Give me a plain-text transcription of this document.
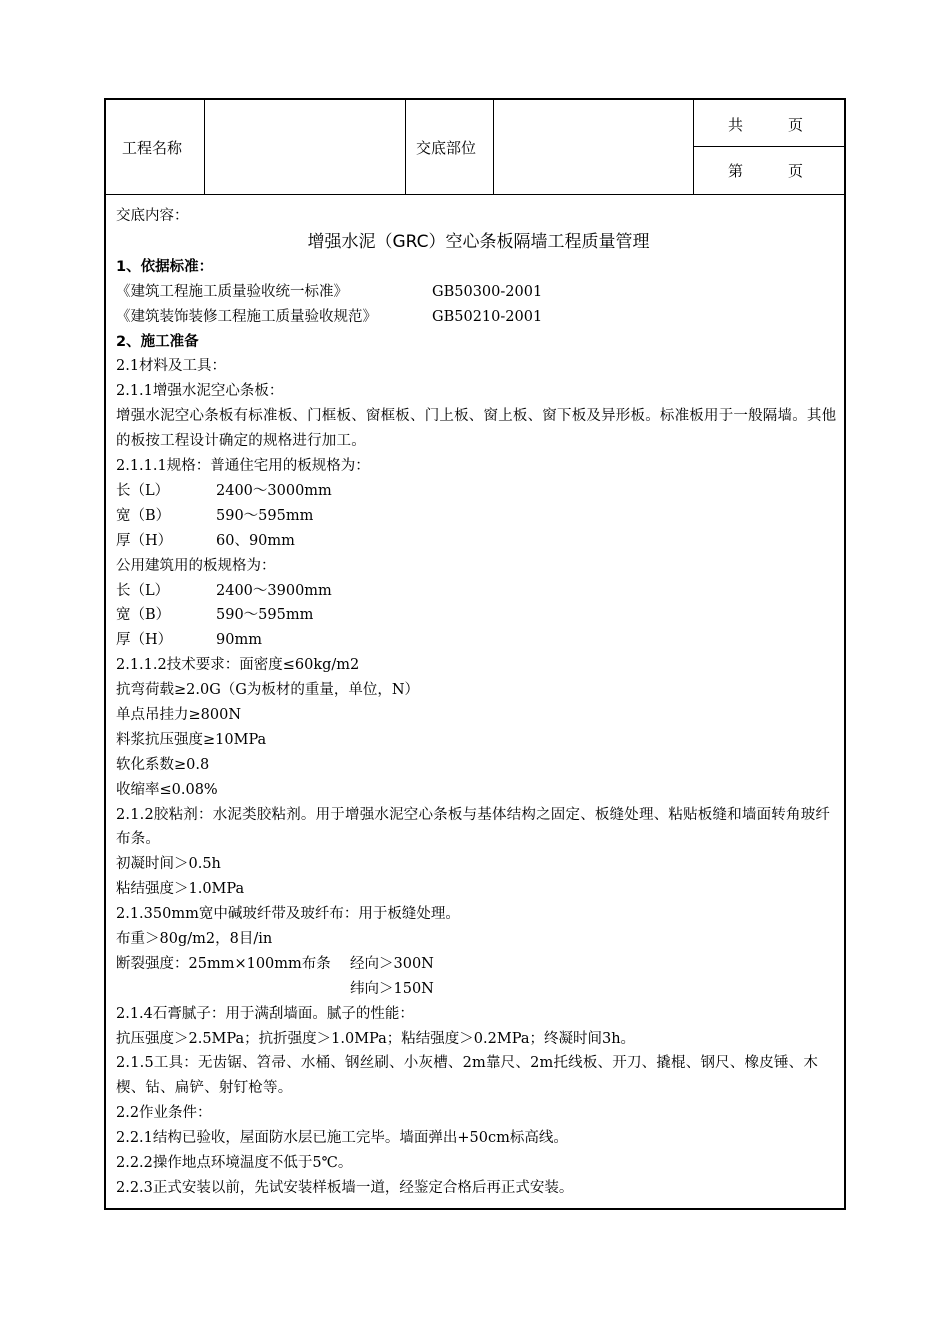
工程名称	交底部位
共　　　页
第　　　页
交底内容：
增强水泥（GRC）空心条板隔墙工程质量管理
1、依据标准：
《建筑工程施工质量验收统一标准》	GB50300-2001
《建筑装饰装修工程施工质量验收规范》	GB50210-2001
2、施工准备
2.1材料及工具：
2.1.1增强水泥空心条板：
增强水泥空心条板有标准板、门框板、窗框板、门上板、窗上板、窗下板及异形板。标准板用于一般隔墙。其他的板按工程设计确定的规格进行加工。
2.1.1.1规格：普通住宅用的板规格为：
长（L）	2400～3000mm
宽（B）	590～595mm
厚（H）	60、90mm
公用建筑用的板规格为：
长（L）	2400～3900mm
宽（B）	590～595mm
厚（H）	90mm
2.1.1.2技术要求：面密度≤60kg/m2
抗弯荷载≥2.0G（G为板材的重量，单位，N）
单点吊挂力≥800N
料浆抗压强度≥10MPa
软化系数≥0.8
收缩率≤0.08%
2.1.2胶粘剂：水泥类胶粘剂。用于增强水泥空心条板与基体结构之固定、板缝处理、粘贴板缝和墙面转角玻纤布条。
初凝时间＞0.5h
粘结强度＞1.0MPa
2.1.350mm宽中碱玻纤带及玻纤布：用于板缝处理。
布重＞80g/m2，8目/in
断裂强度：25mm×100mm布条 经向＞300N
纬向＞150N
2.1.4石膏腻子：用于满刮墙面。腻子的性能：
抗压强度＞2.5MPa；抗折强度＞1.0MPa；粘结强度＞0.2MPa；终凝时间3h。
2.1.5工具：无齿锯、笤帚、水桶、钢丝刷、小灰槽、2m靠尺、2m托线板、开刀、撬棍、钢尺、橡皮锤、木楔、钻、扁铲、射钉枪等。
2.2作业条件：
2.2.1结构已验收，屋面防水层已施工完毕。墙面弹出+50cm标高线。
2.2.2操作地点环境温度不低于5℃。
2.2.3正式安装以前，先试安装样板墙一道，经鉴定合格后再正式安装。
